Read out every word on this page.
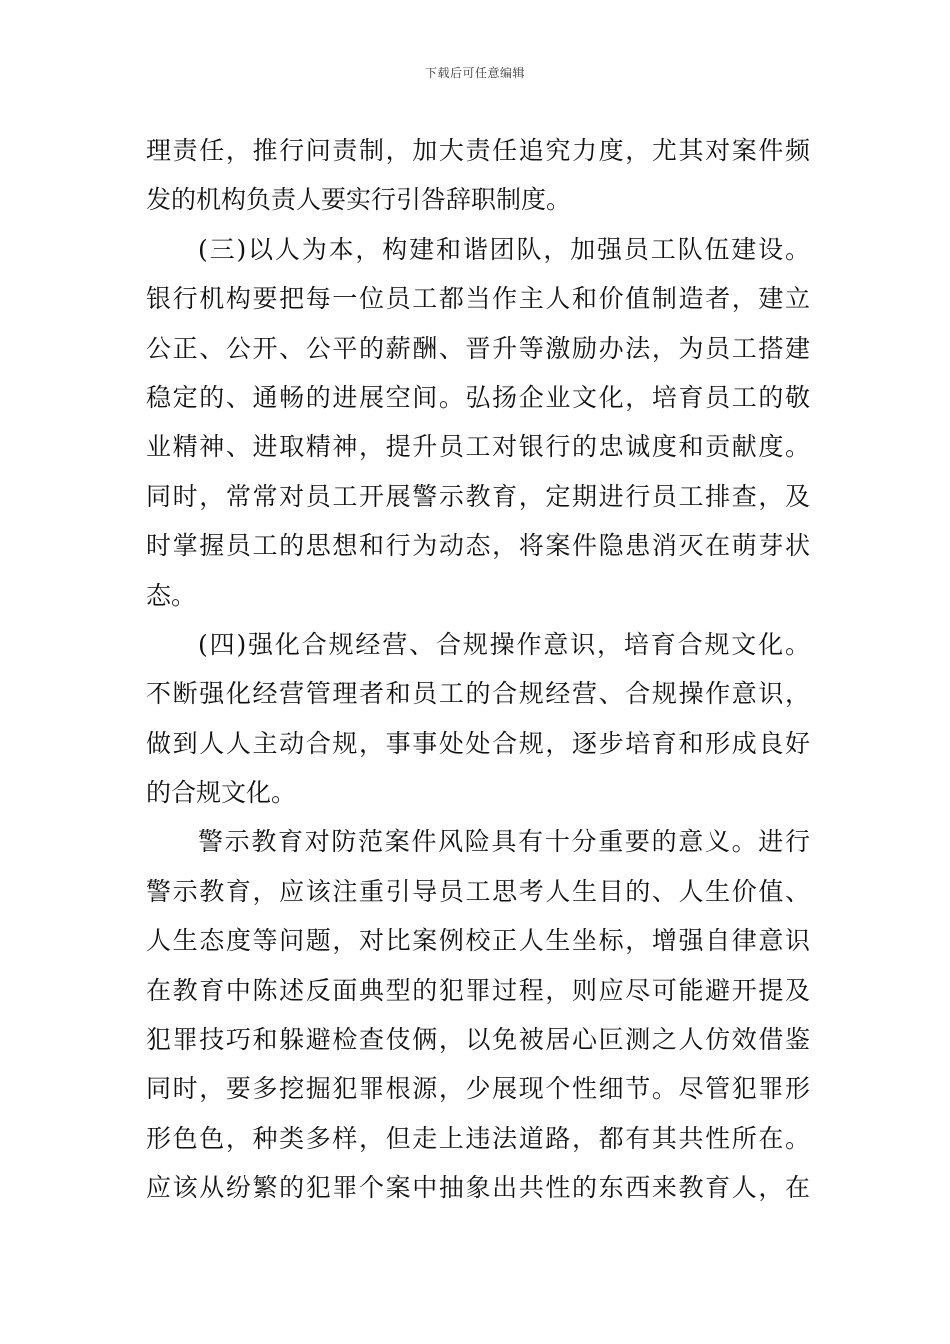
下载后可任意编辑
理责任，推行问责制，加大责任追究力度，尤其对案件频
发的机构负责人要实行引咎辞职制度。
(三)以人为本，构建和谐团队，加强员工队伍建设。
银行机构要把每一位员工都当作主人和价值制造者，建立
公正、公开、公平的薪酬、晋升等激励办法，为员工搭建
稳定的、通畅的进展空间。弘扬企业文化，培育员工的敬
业精神、进取精神，提升员工对银行的忠诚度和贡献度。
同时，常常对员工开展警示教育，定期进行员工排查，及
时掌握员工的思想和行为动态，将案件隐患消灭在萌芽状
态。
(四)强化合规经营、合规操作意识，培育合规文化。
不断强化经营管理者和员工的合规经营、合规操作意识，
做到人人主动合规，事事处处合规，逐步培育和形成良好
的合规文化。
警示教育对防范案件风险具有十分重要的意义。进行
警示教育，应该注重引导员工思考人生目的、人生价值、
人生态度等问题，对比案例校正人生坐标，增强自律意识
在教育中陈述反面典型的犯罪过程，则应尽可能避开提及
犯罪技巧和躲避检查伎俩，以免被居心叵测之人仿效借鉴
同时，要多挖掘犯罪根源，少展现个性细节。尽管犯罪形
形色色，种类多样，但走上违法道路，都有其共性所在。
应该从纷繁的犯罪个案中抽象出共性的东西来教育人，在
